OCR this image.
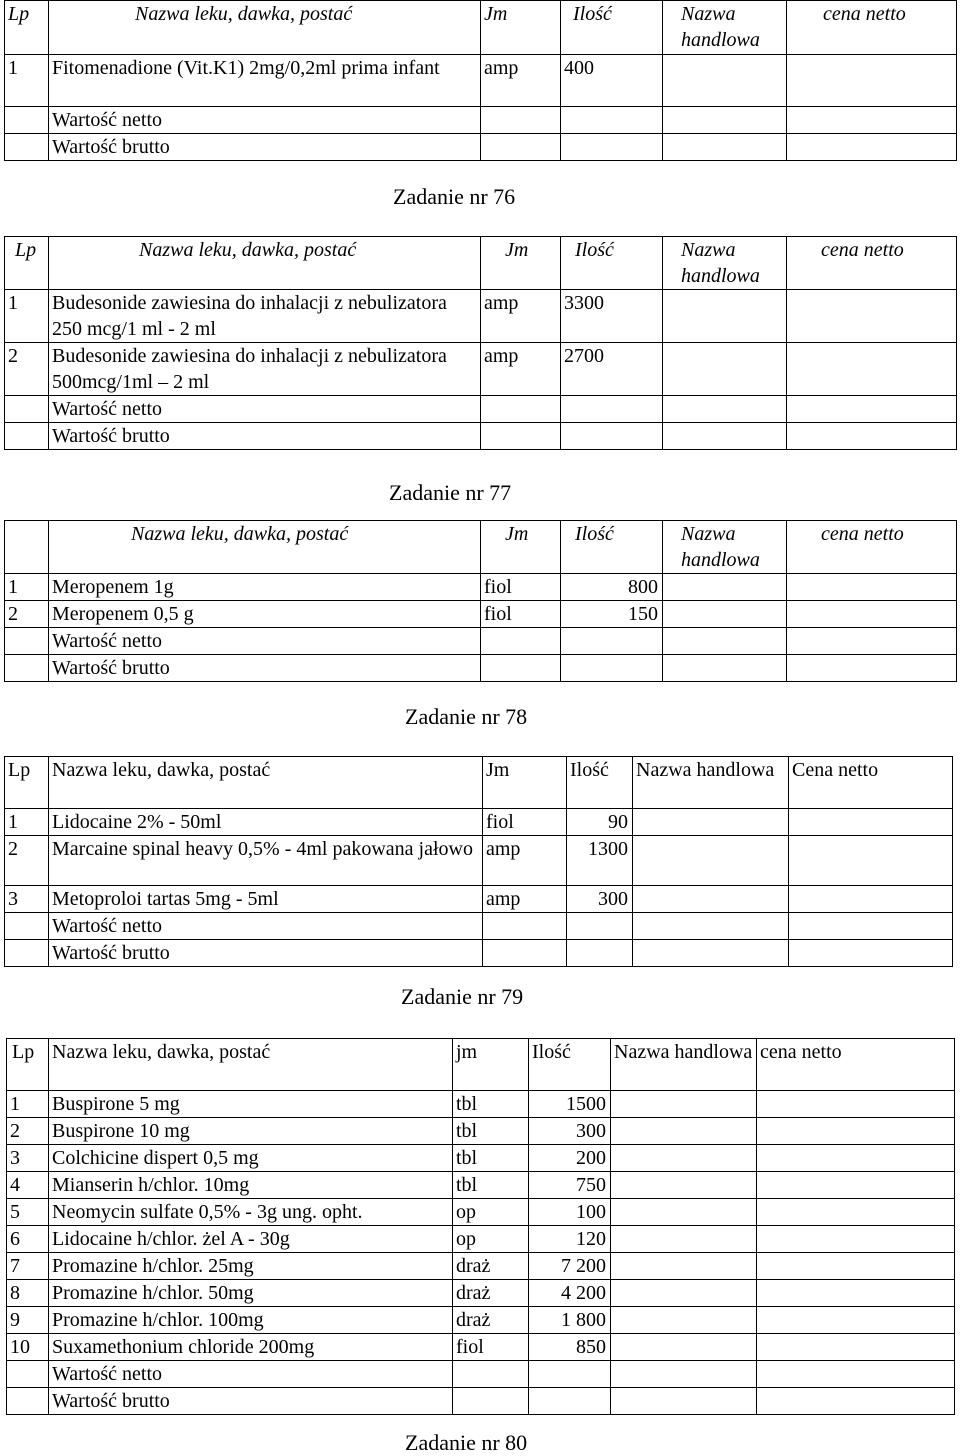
Lp	Nazwa leku, dawka, postać	Jm	Ilość	Nazwa handlowa	cena netto
1	Fitomenadione (Vit.K1) 2mg/0,2ml prima infant	amp	400		
	Wartość netto				
	Wartość brutto				
Zadanie nr 76
Lp	Nazwa leku, dawka, postać	Jm	Ilość	Nazwa handlowa	cena netto
1	Budesonide zawiesina do inhalacji z nebulizatora 250 mcg/1 ml - 2 ml	amp	3300		
2	Budesonide zawiesina do inhalacji z nebulizatora 500mcg/1ml – 2 ml	amp	2700		
	Wartość netto				
	Wartość brutto				
Zadanie nr 77
	Nazwa leku, dawka, postać	Jm	Ilość	Nazwa handlowa	cena netto
1	Meropenem 1g	fiol	800		
2	Meropenem 0,5 g	fiol	150		
	Wartość netto				
	Wartość brutto				
Zadanie nr 78
Lp	Nazwa leku, dawka, postać	Jm	Ilość	Nazwa handlowa	Cena netto
1	Lidocaine 2% - 50ml	fiol	90		
2	Marcaine spinal heavy 0,5% - 4ml pakowana jałowo	amp	1300		
3	Metoproloi tartas 5mg - 5ml	amp	300		
	Wartość netto				
	Wartość brutto				
Zadanie nr 79
Lp	Nazwa leku, dawka, postać	jm	Ilość	Nazwa handlowa	cena netto
1	Buspirone 5 mg	tbl	1500		
2	Buspirone 10 mg	tbl	300		
3	Colchicine dispert 0,5 mg	tbl	200		
4	Mianserin h/chlor. 10mg	tbl	750		
5	Neomycin sulfate 0,5% - 3g ung. opht.	op	100		
6	Lidocaine h/chlor. żel A - 30g	op	120		
7	Promazine h/chlor. 25mg	draż	7 200		
8	Promazine h/chlor. 50mg	draż	4 200		
9	Promazine h/chlor. 100mg	draż	1 800		
10	Suxamethonium chloride 200mg	fiol	850		
	Wartość netto				
	Wartość brutto				
Zadanie nr 80
